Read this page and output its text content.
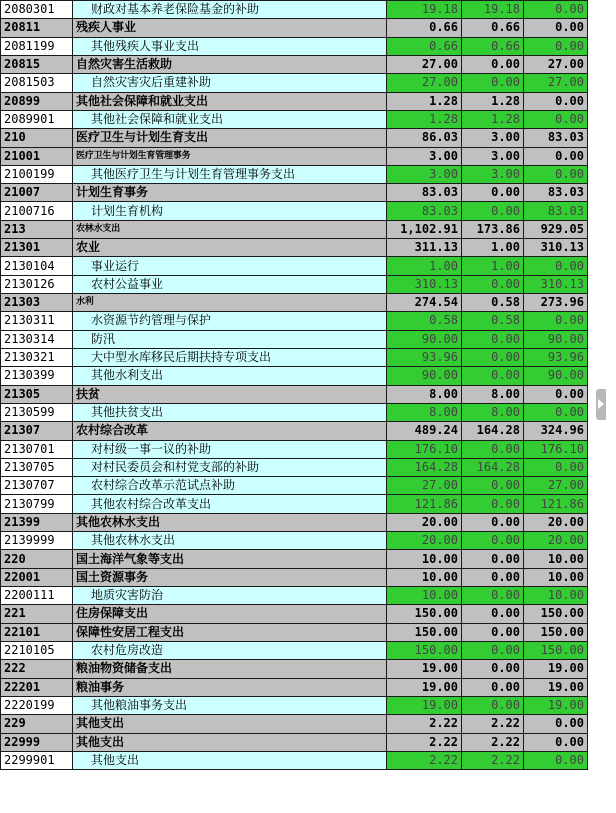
2080301	财政对基本养老保险基金的补助	19.18	19.18	0.00
20811	残疾人事业	0.66	0.66	0.00
2081199	其他残疾人事业支出	0.66	0.66	0.00
20815	自然灾害生活救助	27.00	0.00	27.00
2081503	自然灾害灾后重建补助	27.00	0.00	27.00
20899	其他社会保障和就业支出	1.28	1.28	0.00
2089901	其他社会保障和就业支出	1.28	1.28	0.00
210	医疗卫生与计划生育支出	86.03	3.00	83.03
21001	医疗卫生与计划生育管理事务	3.00	3.00	0.00
2100199	其他医疗卫生与计划生育管理事务支出	3.00	3.00	0.00
21007	计划生育事务	83.03	0.00	83.03
2100716	计划生育机构	83.03	0.00	83.03
213	农林水支出	1,102.91	173.86	929.05
21301	农业	311.13	1.00	310.13
2130104	事业运行	1.00	1.00	0.00
2130126	农村公益事业	310.13	0.00	310.13
21303	水利	274.54	0.58	273.96
2130311	水资源节约管理与保护	0.58	0.58	0.00
2130314	防汛	90.00	0.00	90.00
2130321	大中型水库移民后期扶持专项支出	93.96	0.00	93.96
2130399	其他水利支出	90.00	0.00	90.00
21305	扶贫	8.00	8.00	0.00
2130599	其他扶贫支出	8.00	8.00	0.00
21307	农村综合改革	489.24	164.28	324.96
2130701	对村级一事一议的补助	176.10	0.00	176.10
2130705	对村民委员会和村党支部的补助	164.28	164.28	0.00
2130707	农村综合改革示范试点补助	27.00	0.00	27.00
2130799	其他农村综合改革支出	121.86	0.00	121.86
21399	其他农林水支出	20.00	0.00	20.00
2139999	其他农林水支出	20.00	0.00	20.00
220	国土海洋气象等支出	10.00	0.00	10.00
22001	国土资源事务	10.00	0.00	10.00
2200111	地质灾害防治	10.00	0.00	10.00
221	住房保障支出	150.00	0.00	150.00
22101	保障性安居工程支出	150.00	0.00	150.00
2210105	农村危房改造	150.00	0.00	150.00
222	粮油物资储备支出	19.00	0.00	19.00
22201	粮油事务	19.00	0.00	19.00
2220199	其他粮油事务支出	19.00	0.00	19.00
229	其他支出	2.22	2.22	0.00
22999	其他支出	2.22	2.22	0.00
2299901	其他支出	2.22	2.22	0.00
